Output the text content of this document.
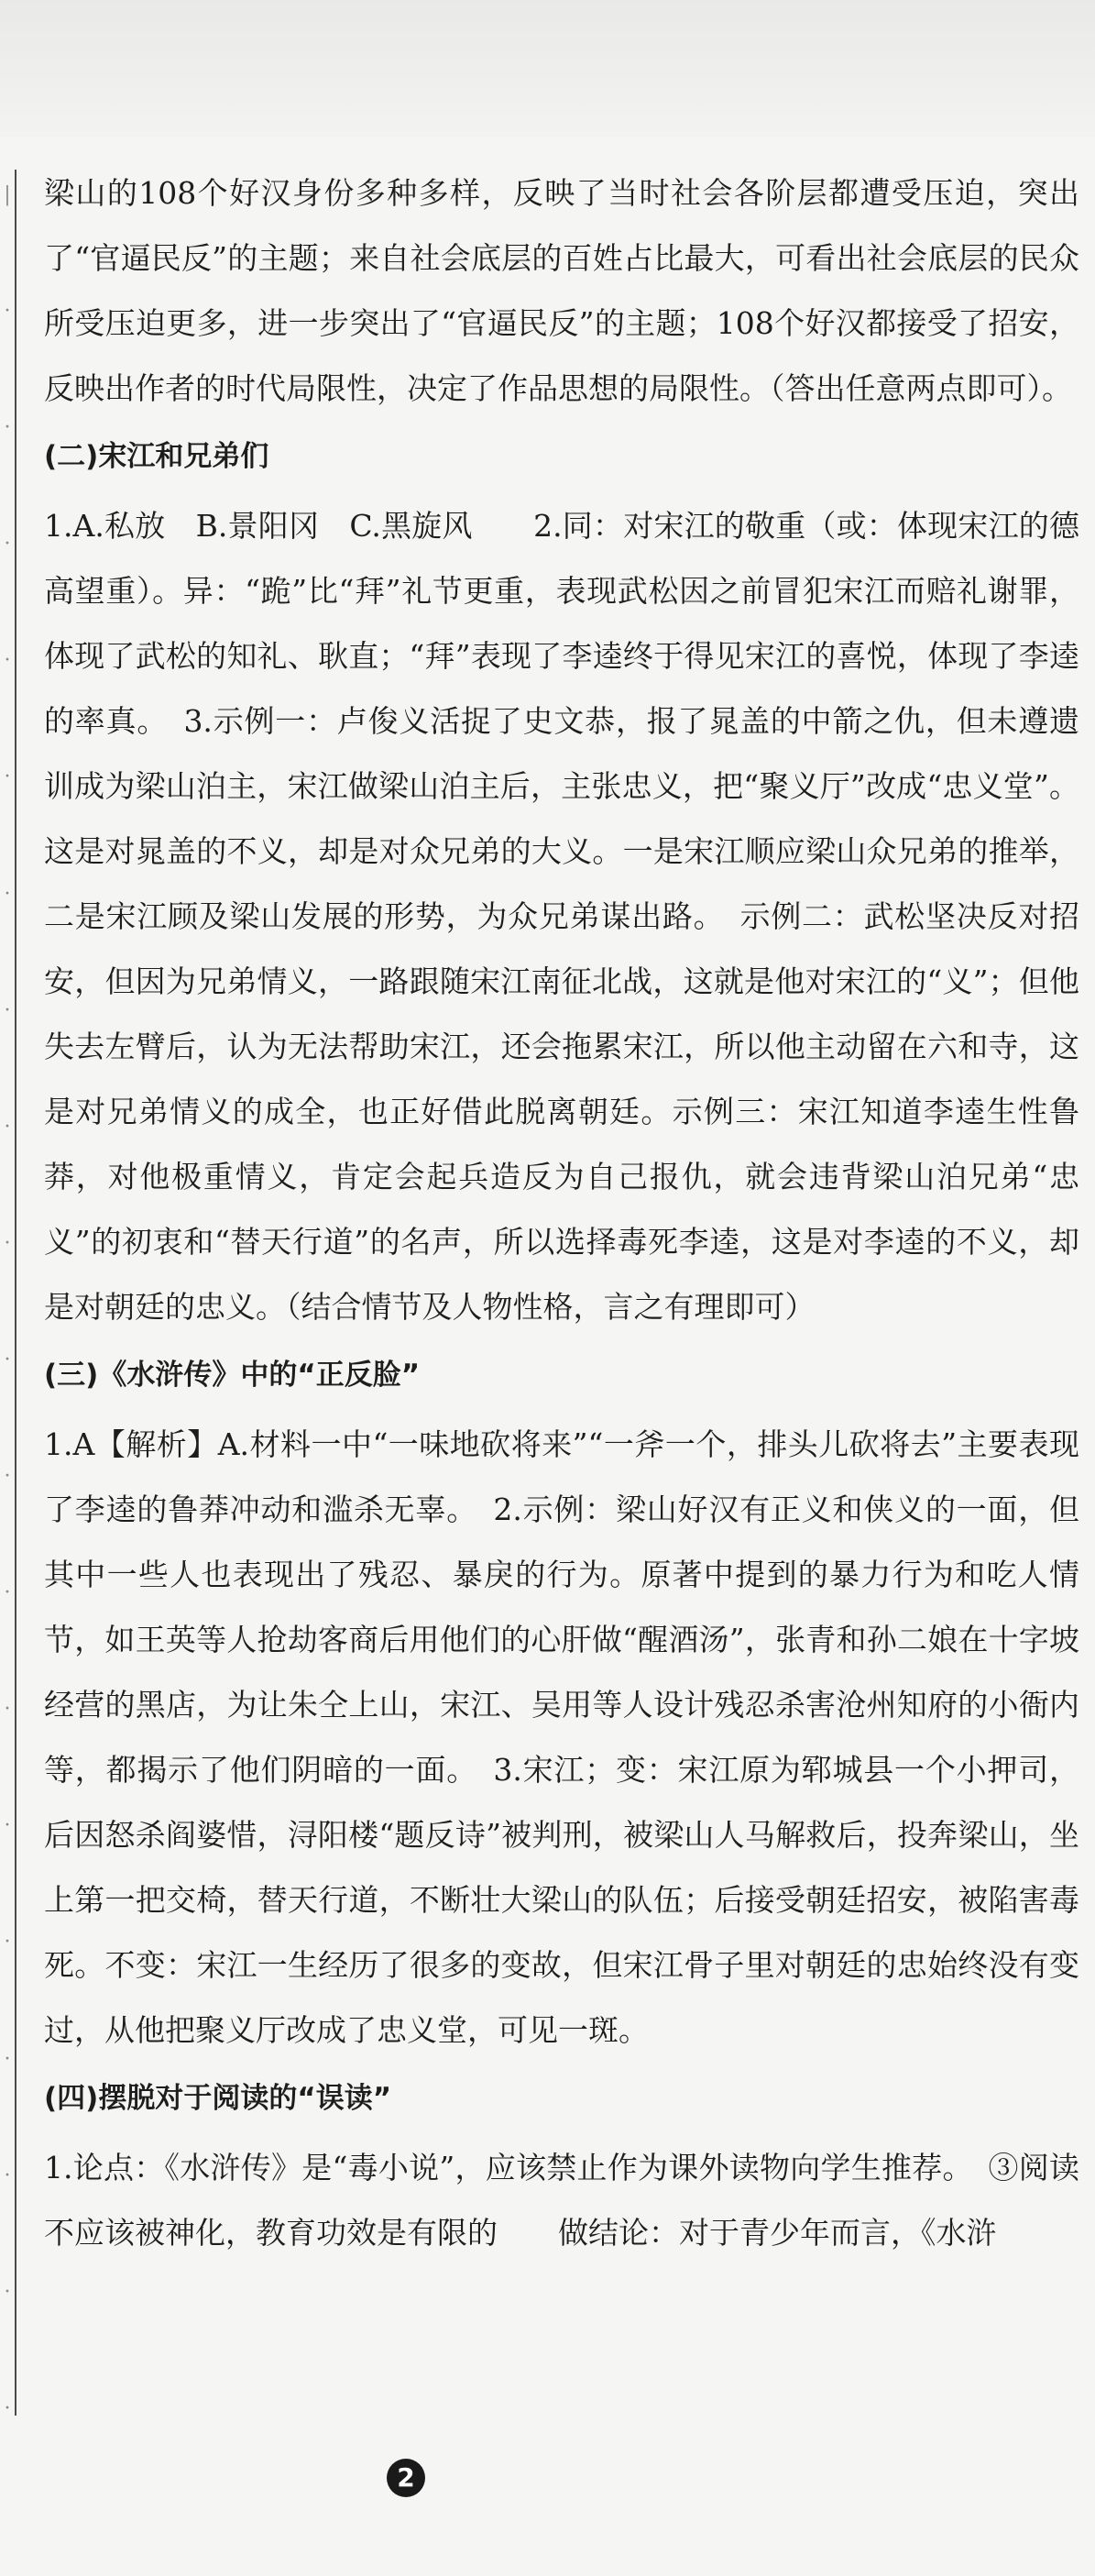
|
·
·
·
·
·
·
·
·
·
·
·
·
·
·
·
·
·
·
·

梁山的108个好汉身份多种多样，反映了当时社会各阶层都遭受压迫，突出了“官逼民反”的主题；来自社会底层的百姓占比最大，可看出社会底层的民众所受压迫更多，进一步突出了“官逼民反”的主题；108个好汉都接受了招安，反映出作者的时代局限性，决定了作品思想的局限性。（答出任意两点即可）。

(二)宋江和兄弟们

1.A.私放　B.景阳冈　C.黑旋风　　2.同：对宋江的敬重（或：体现宋江的德高望重）。异：“跪”比“拜”礼节更重，表现武松因之前冒犯宋江而赔礼谢罪，体现了武松的知礼、耿直；“拜”表现了李逵终于得见宋江的喜悦，体现了李逵的率真。　3.示例一：卢俊义活捉了史文恭，报了晁盖的中箭之仇，但未遵遗训成为梁山泊主，宋江做梁山泊主后，主张忠义，把“聚义厅”改成“忠义堂”。这是对晁盖的不义，却是对众兄弟的大义。一是宋江顺应梁山众兄弟的推举，二是宋江顾及梁山发展的形势，为众兄弟谋出路。　示例二：武松坚决反对招安，但因为兄弟情义，一路跟随宋江南征北战，这就是他对宋江的“义”；但他失去左臂后，认为无法帮助宋江，还会拖累宋江，所以他主动留在六和寺，这是对兄弟情义的成全，也正好借此脱离朝廷。示例三：宋江知道李逵生性鲁莽，对他极重情义，肯定会起兵造反为自己报仇，就会违背梁山泊兄弟“忠义”的初衷和“替天行道”的名声，所以选择毒死李逵，这是对李逵的不义，却是对朝廷的忠义。（结合情节及人物性格，言之有理即可）

(三)《水浒传》中的“正反脸”

1.A【解析】A.材料一中“一味地砍将来”“一斧一个，排头儿砍将去”主要表现了李逵的鲁莽冲动和滥杀无辜。　2.示例：梁山好汉有正义和侠义的一面，但其中一些人也表现出了残忍、暴戾的行为。原著中提到的暴力行为和吃人情节，如王英等人抢劫客商后用他们的心肝做“醒酒汤”，张青和孙二娘在十字坡经营的黑店，为让朱仝上山，宋江、吴用等人设计残忍杀害沧州知府的小衙内等，都揭示了他们阴暗的一面。　3.宋江；变：宋江原为郓城县一个小押司，后因怒杀阎婆惜，浔阳楼“题反诗”被判刑，被梁山人马解救后，投奔梁山，坐上第一把交椅，替天行道，不断壮大梁山的队伍；后接受朝廷招安，被陷害毒死。不变：宋江一生经历了很多的变故，但宋江骨子里对朝廷的忠始终没有变过，从他把聚义厅改成了忠义堂，可见一斑。

(四)摆脱对于阅读的“误读”

1.论点：《水浒传》是“毒小说”，应该禁止作为课外读物向学生推荐。　③阅读不应该被神化，教育功效是有限的　　做结论：对于青少年而言，《水浒

2
